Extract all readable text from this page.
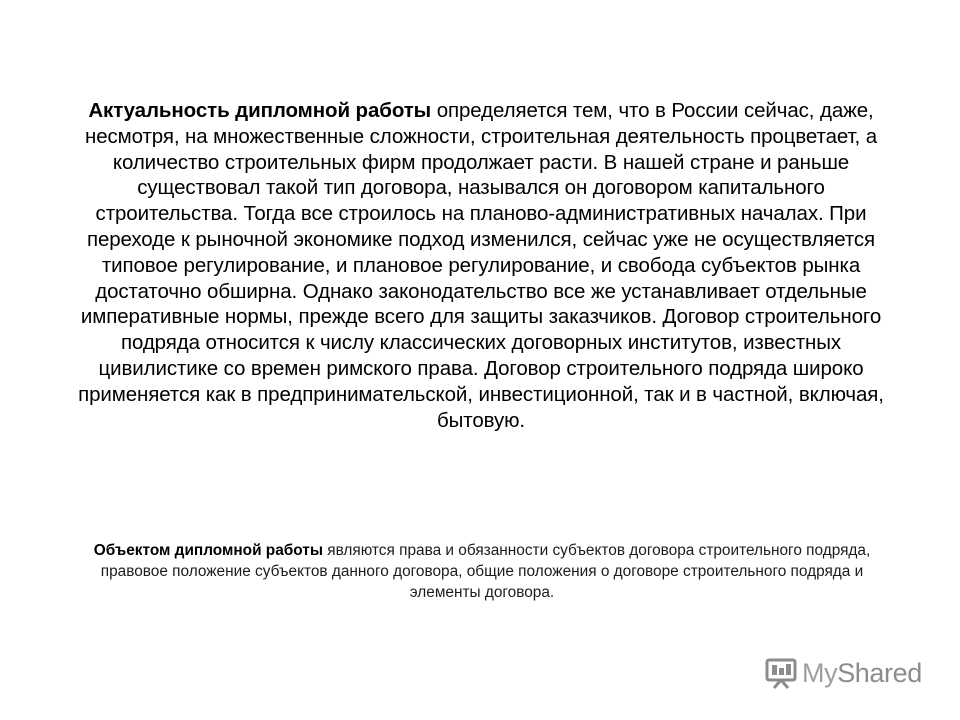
Актуальность дипломной работы определяется тем, что в России сейчас, даже, несмотря, на множественные сложности, строительная деятельность процветает, а количество строительных фирм продолжает расти. В нашей стране и раньше существовал такой тип договора, назывался он договором капитального строительства. Тогда все строилось на планово-административных началах. При переходе к рыночной экономике подход изменился, сейчас уже не осуществляется типовое регулирование, и плановое регулирование, и свобода субъектов рынка достаточно обширна. Однако законодательство все же устанавливает отдельные императивные нормы, прежде всего для защиты заказчиков. Договор строительного подряда относится к числу классических договорных институтов, известных цивилистике со времен римского права. Договор строительного подряда широко применяется как в предпринимательской, инвестиционной, так и в частной, включая, бытовую.

Объектом дипломной работы являются права и обязанности субъектов договора строительного подряда, правовое положение субъектов данного договора, общие положения о договоре строительного подряда и элементы договора.

MyShared
